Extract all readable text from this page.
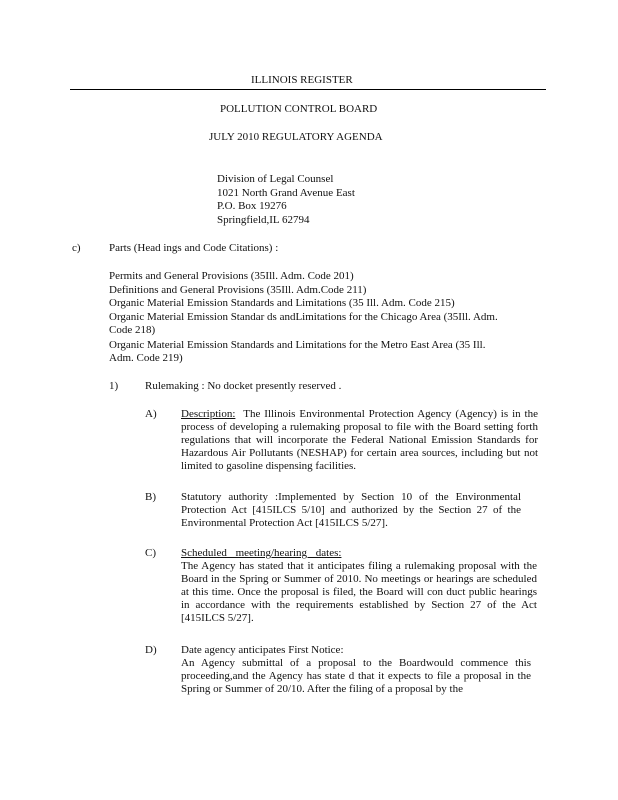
ILLINOIS REGISTER
POLLUTION CONTROL BOARD
JULY 2010 REGULATORY AGENDA
Division of Legal Counsel
1021 North Grand Avenue East
P.O. Box 19276
Springfield,IL 62794
c)	Parts (Head ings and Code Citations) :
Permits and General Provisions (35Ill. Adm. Code 201)
Definitions and General Provisions (35Ill. Adm.Code 211)
Organic Material Emission Standards and Limitations (35 Ill. Adm. Code 215)
Organic Material Emission Standar ds andLimitations for the Chicago Area (35Ill. Adm.
Code 218)
Organic Material Emission Standards and Limitations for the Metro East Area (35 Ill.
Adm. Code 219)
1) Rulemaking : No docket presently reserved .
A) Description: The Illinois Environmental Protection Agency (Agency) is in the process of developing a rulemaking proposal to file with the Board setting forth regulations that will incorporate the Federal National Emission Standards for Hazardous Air Pollutants (NESHAP) for certain area sources, including but not limited to gasoline dispensing facilities.
B) Statutory authority :Implemented by Section 10 of the Environmental Protection Act [415ILCS 5/10] and authorized by the Section 27 of the Environmental Protection Act [415ILCS 5/27].
C) Scheduled meeting/hearing dates:
The Agency has stated that it anticipates filing a rulemaking proposal with the Board in the Spring or Summer of 2010. No meetings or hearings are scheduled at this time. Once the proposal is filed, the Board will con duct public hearings in accordance with the requirements established by Section 27 of the Act [415ILCS 5/27].
D) Date agency anticipates First Notice:
An Agency submittal of a proposal to the Boardwould commence this proceeding,and the Agency has state d that it expects to file a proposal in the Spring or Summer of 20/10. After the filing of a proposal by the
